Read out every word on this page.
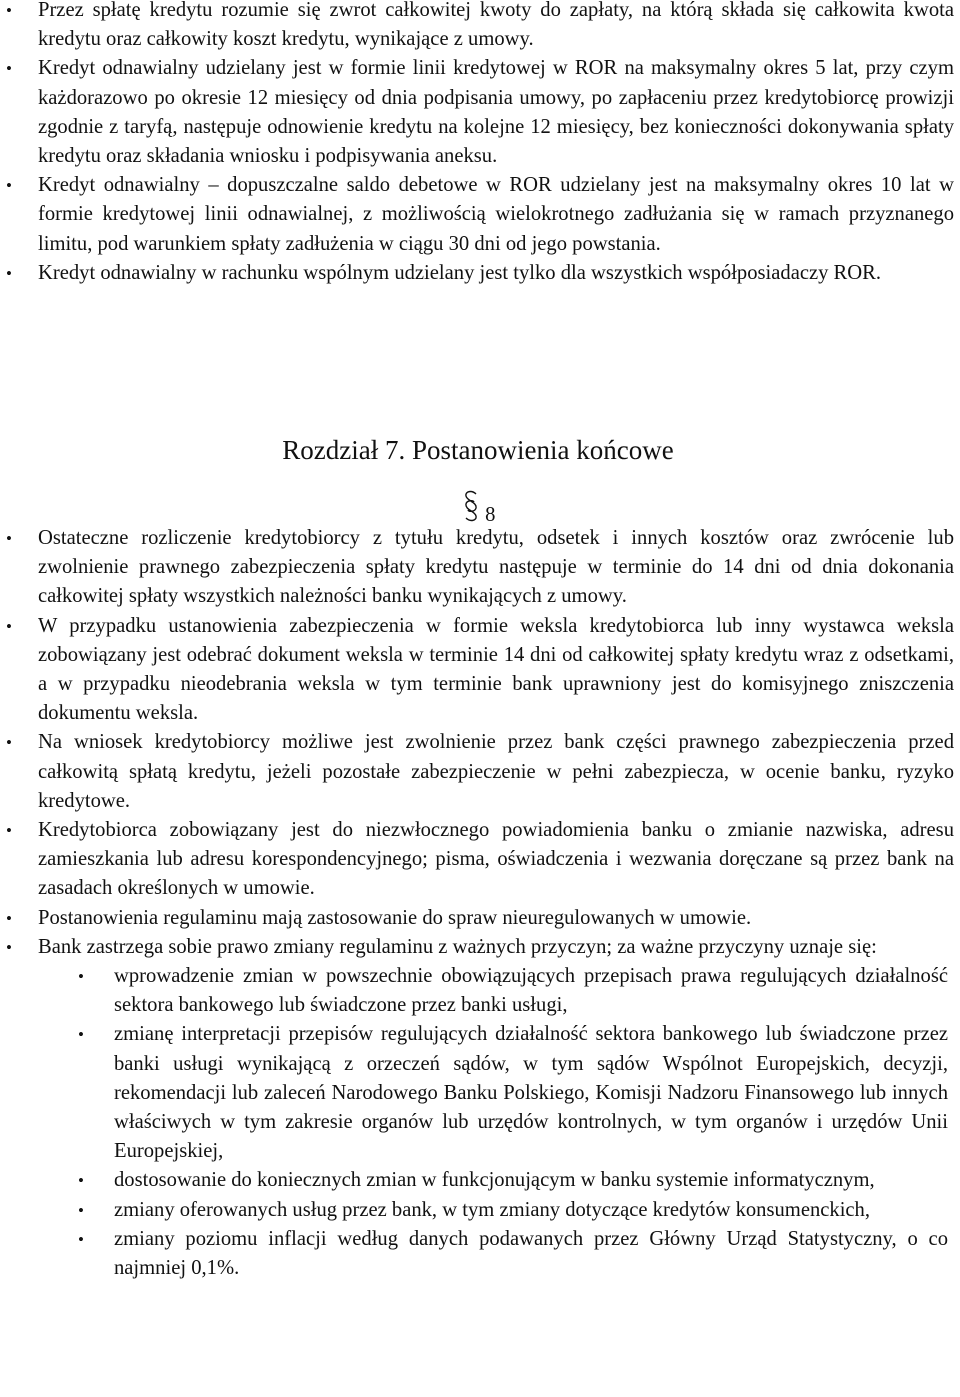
• Przez spłatę kredytu rozumie się zwrot całkowitej kwoty do zapłaty, na którą składa się całkowita kwota kredytu oraz całkowity koszt kredytu, wynikające z umowy.
• Kredyt odnawialny udzielany jest w formie linii kredytowej w ROR na maksymalny okres 5 lat, przy czym każdorazowo po okresie 12 miesięcy od dnia podpisania umowy, po zapłaceniu przez kredytobiorcę prowizji zgodnie z taryfą, następuje odnowienie kredytu na kolejne 12 miesięcy, bez konieczności dokonywania spłaty kredytu oraz składania wniosku i podpisywania aneksu.
• Kredyt odnawialny – dopuszczalne saldo debetowe w ROR udzielany jest na maksymalny okres 10 lat w formie kredytowej linii odnawialnej, z możliwością wielokrotnego zadłużania się w ramach przyznanego limitu, pod warunkiem spłaty zadłużenia w ciągu 30 dni od jego powstania.
• Kredyt odnawialny w rachunku wspólnym udzielany jest tylko dla wszystkich współposiadaczy ROR.
Rozdział 7. Postanowienia końcowe
8
• Ostateczne rozliczenie kredytobiorcy z tytułu kredytu, odsetek i innych kosztów oraz zwrócenie lub zwolnienie prawnego zabezpieczenia spłaty kredytu następuje w terminie do 14 dni od dnia dokonania całkowitej spłaty wszystkich należności banku wynikających z umowy.
• W przypadku ustanowienia zabezpieczenia w formie weksla kredytobiorca lub inny wystawca weksla zobowiązany jest odebrać dokument weksla w terminie 14 dni od całkowitej spłaty kredytu wraz z odsetkami, a w przypadku nieodebrania weksla w tym terminie bank uprawniony jest do komisyjnego zniszczenia dokumentu weksla.
• Na wniosek kredytobiorcy możliwe jest zwolnienie przez bank części prawnego zabezpieczenia przed całkowitą spłatą kredytu, jeżeli pozostałe zabezpieczenie w pełni zabezpiecza, w ocenie banku, ryzyko kredytowe.
• Kredytobiorca zobowiązany jest do niezwłocznego powiadomienia banku o zmianie nazwiska, adresu zamieszkania lub adresu korespondencyjnego; pisma, oświadczenia i wezwania doręczane są przez bank na zasadach określonych w umowie.
• Postanowienia regulaminu mają zastosowanie do spraw nieuregulowanych w umowie.
• Bank zastrzega sobie prawo zmiany regulaminu z ważnych przyczyn; za ważne przyczyny uznaje się:
• wprowadzenie zmian w powszechnie obowiązujących przepisach prawa regulujących działalność sektora bankowego lub świadczone przez banki usługi,
• zmianę interpretacji przepisów regulujących działalność sektora bankowego lub świadczone przez banki usługi wynikającą z orzeczeń sądów, w tym sądów Wspólnot Europejskich, decyzji, rekomendacji lub zaleceń Narodowego Banku Polskiego, Komisji Nadzoru Finansowego lub innych właściwych w tym zakresie organów lub urzędów kontrolnych, w tym organów i urzędów Unii Europejskiej,
• dostosowanie do koniecznych zmian w funkcjonującym w banku systemie informatycznym,
• zmiany oferowanych usług przez bank, w tym zmiany dotyczące kredytów konsumenckich,
• zmiany poziomu inflacji według danych podawanych przez Główny Urząd Statystyczny, o co najmniej 0,1%.
